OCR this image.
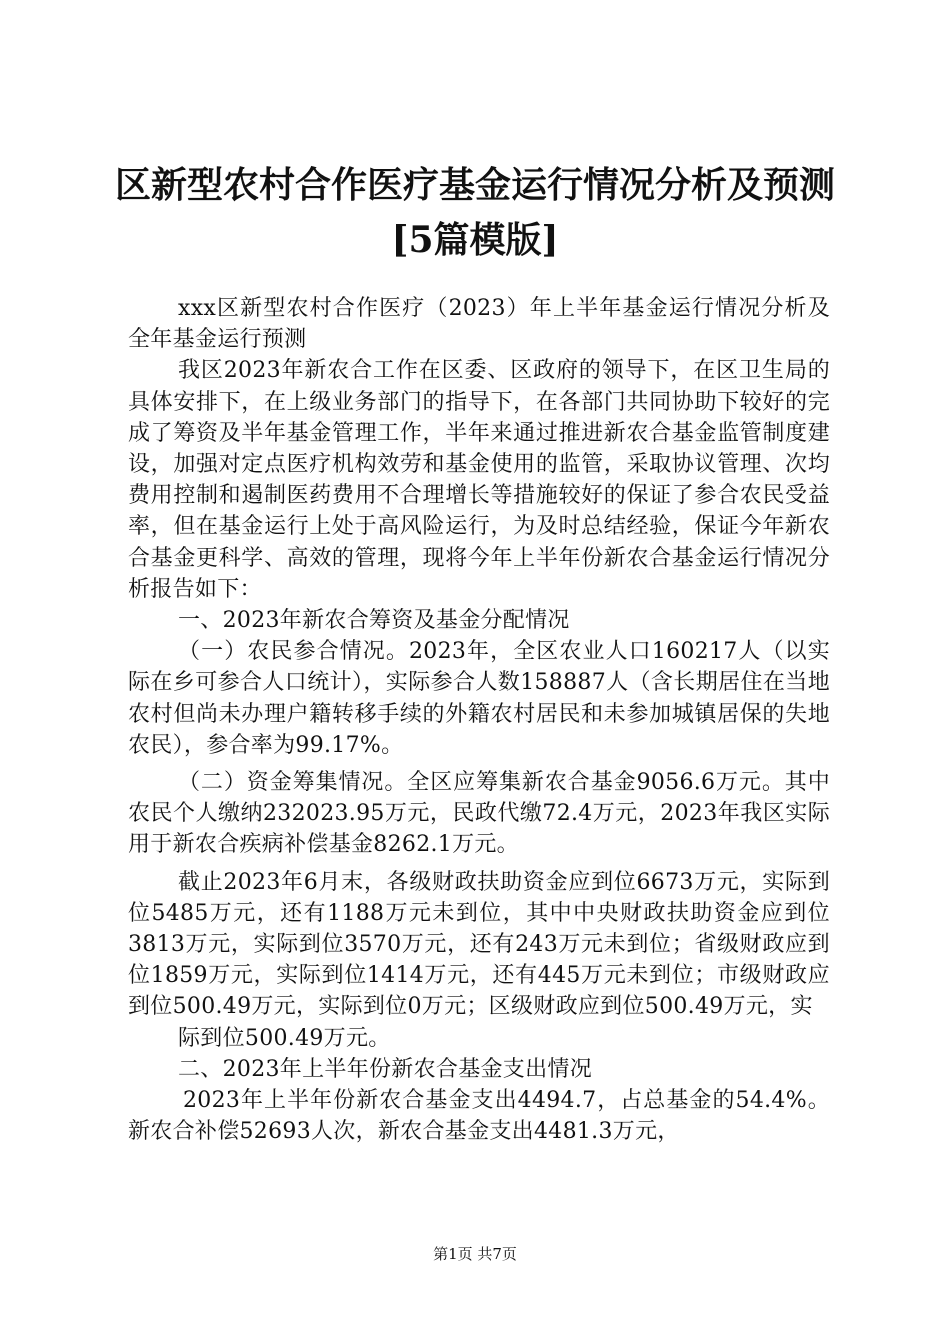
区新型农村合作医疗基金运行情况分析及预测
[5篇模版]

xxx区新型农村合作医疗（2023）年上半年基金运行情况分析及全年基金运行预测

我区2023年新农合工作在区委、区政府的领导下，在区卫生局的具体安排下，在上级业务部门的指导下，在各部门共同协助下较好的完成了筹资及半年基金管理工作，半年来通过推进新农合基金监管制度建设，加强对定点医疗机构效劳和基金使用的监管，采取协议管理、次均费用控制和遏制医药费用不合理增长等措施较好的保证了参合农民受益率，但在基金运行上处于高风险运行，为及时总结经验，保证今年新农合基金更科学、高效的管理，现将今年上半年份新农合基金运行情况分析报告如下：

一、2023年新农合筹资及基金分配情况

（一）农民参合情况。2023年，全区农业人口160217人（以实际在乡可参合人口统计），实际参合人数158887人（含长期居住在当地农村但尚未办理户籍转移手续的外籍农村居民和未参加城镇居保的失地农民），参合率为99.17%。

（二）资金筹集情况。全区应筹集新农合基金9056.6万元。其中农民个人缴纳232023.95万元，民政代缴72.4万元，2023年我区实际用于新农合疾病补偿基金8262.1万元。

截止2023年6月末，各级财政扶助资金应到位6673万元，实际到位5485万元，还有1188万元未到位，其中中央财政扶助资金应到位3813万元，实际到位3570万元，还有243万元未到位；省级财政应到位1859万元，实际到位1414万元，还有445万元未到位；市级财政应到位500.49万元，实际到位0万元；区级财政应到位500.49万元，实

际到位500.49万元。

二、2023年上半年份新农合基金支出情况

2023年上半年份新农合基金支出4494.7，占总基金的54.4%。新农合补偿52693人次，新农合基金支出4481.3万元，

第1页 共7页
